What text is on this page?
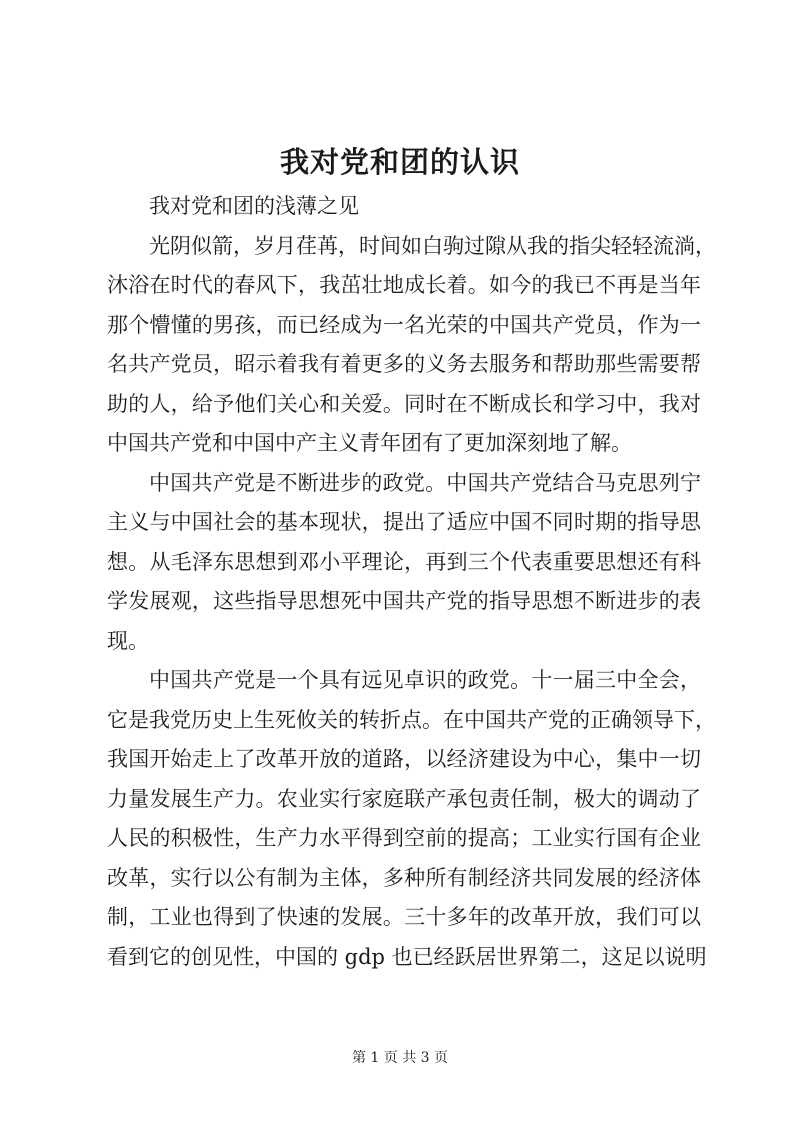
我对党和团的认识
我对党和团的浅薄之见
光阴似箭，岁月荏苒，时间如白驹过隙从我的指尖轻轻流淌，
沐浴在时代的春风下，我茁壮地成长着。如今的我已不再是当年
那个懵懂的男孩，而已经成为一名光荣的中国共产党员，作为一
名共产党员，昭示着我有着更多的义务去服务和帮助那些需要帮
助的人，给予他们关心和关爱。同时在不断成长和学习中，我对
中国共产党和中国中产主义青年团有了更加深刻地了解。
中国共产党是不断进步的政党。中国共产党结合马克思列宁
主义与中国社会的基本现状，提出了适应中国不同时期的指导思
想。从毛泽东思想到邓小平理论，再到三个代表重要思想还有科
学发展观，这些指导思想死中国共产党的指导思想不断进步的表
现。
中国共产党是一个具有远见卓识的政党。十一届三中全会，
它是我党历史上生死攸关的转折点。在中国共产党的正确领导下，
我国开始走上了改革开放的道路，以经济建设为中心，集中一切
力量发展生产力。农业实行家庭联产承包责任制，极大的调动了
人民的积极性，生产力水平得到空前的提高；工业实行国有企业
改革，实行以公有制为主体，多种所有制经济共同发展的经济体
制，工业也得到了快速的发展。三十多年的改革开放，我们可以
看到它的创见性，中国的 gdp 也已经跃居世界第二，这足以说明
第 1 页 共 3 页
